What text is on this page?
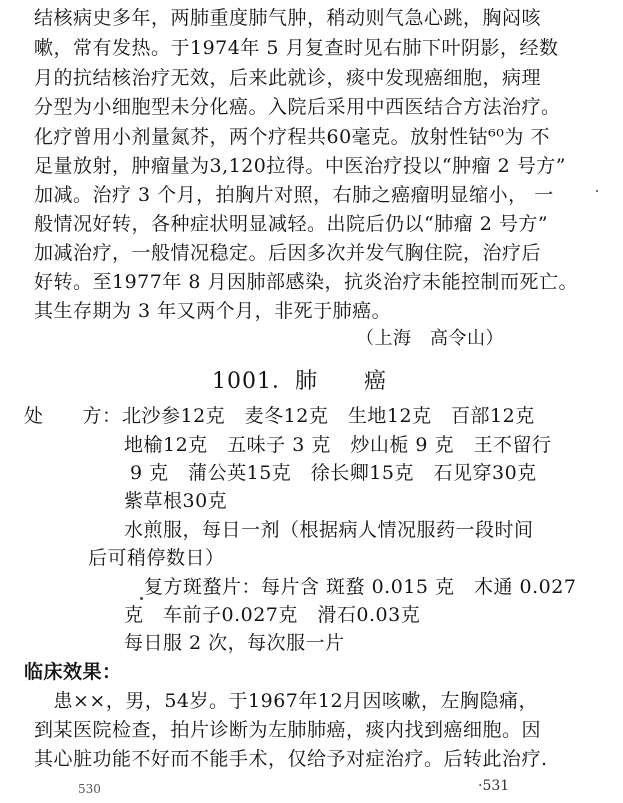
结核病史多年，两肺重度肺气肿，稍动则气急心跳，胸闷咳
嗽，常有发热。于1974年 5 月复查时见右肺下叶阴影，经数
月的抗结核治疗无效，后来此就诊，痰中发现癌细胞，病理
分型为小细胞型未分化癌。入院后采用中西医结合方法治疗。
化疗曾用小剂量氮芥，两个疗程共60毫克。放射性钴⁶⁰为 不
足量放射，肿瘤量为3,120拉得。中医治疗投以“肿瘤 2 号方”
加减。治疗 3 个月，拍胸片对照，右肺之癌瘤明显缩小， 一
般情况好转，各种症状明显减轻。出院后仍以“肺瘤 2 号方”
加减治疗，一般情况稳定。后因多次并发气胸住院，治疗后
好转。至1977年 8 月因肺部感染，抗炎治疗未能控制而死亡。
其生存期为 3 年又两个月，非死于肺癌。
（上海　高令山）
1001．肺　　癌
处　　方： 北沙参12克　麦冬12克　生地12克　百部12克
地榆12克　五味子 3 克　炒山栀 9 克　王不留行
9 克　蒲公英15克　徐长卿15克　石见穿30克
紫草根30克
水煎服，每日一剂（根据病人情况服药一段时间
后可稍停数日）
复方斑蝥片：每片含 斑蝥 0.015 克　木通 0.027
克　车前子0.027克　滑石0.03克
每日服 2 次，每次服一片
临床效果：
　患××，男，54岁。于1967年12月因咳嗽，左胸隐痛，
到某医院检查，拍片诊断为左肺肺癌，痰内找到癌细胞。因
其心脏功能不好而不能手术，仅给予对症治疗。后转此治疗.
530	·531
